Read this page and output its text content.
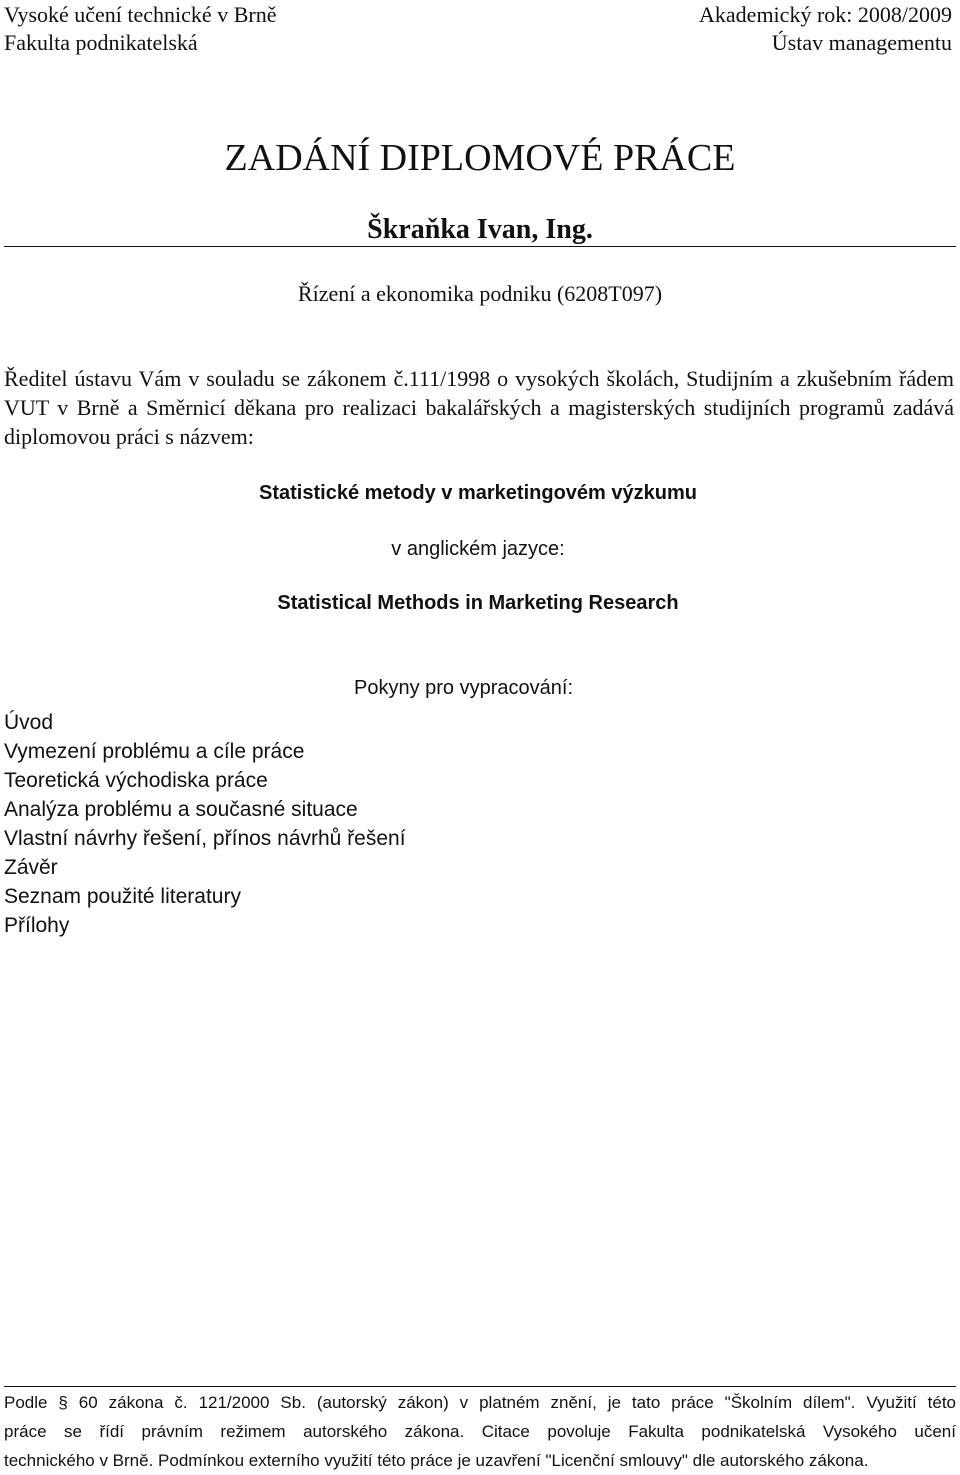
Vysoké učení technické v Brně
Fakulta podnikatelská
Akademický rok: 2008/2009
Ústav managementu
ZADÁNÍ DIPLOMOVÉ PRÁCE
Škraňka Ivan, Ing.
Řízení a ekonomika podniku (6208T097)
Ředitel ústavu Vám v souladu se zákonem č.111/1998 o vysokých školách, Studijním a zkušebním řádem VUT v Brně a Směrnicí děkana pro realizaci bakalářských a magisterských studijních programů zadává diplomovou práci s názvem:
Statistické metody v marketingovém výzkumu
v anglickém jazyce:
Statistical Methods in Marketing Research
Pokyny pro vypracování:
Úvod
Vymezení problému a cíle práce
Teoretická východiska práce
Analýza problému a současné situace
Vlastní návrhy řešení, přínos návrhů řešení
Závěr
Seznam použité literatury
Přílohy
Podle § 60 zákona č. 121/2000 Sb. (autorský zákon) v platném znění, je tato práce "Školním dílem". Využití této
práce se řídí právním režimem autorského zákona. Citace povoluje Fakulta podnikatelská Vysokého učení
technického v Brně. Podmínkou externího využití této práce je uzavření "Licenční smlouvy" dle autorského zákona.
